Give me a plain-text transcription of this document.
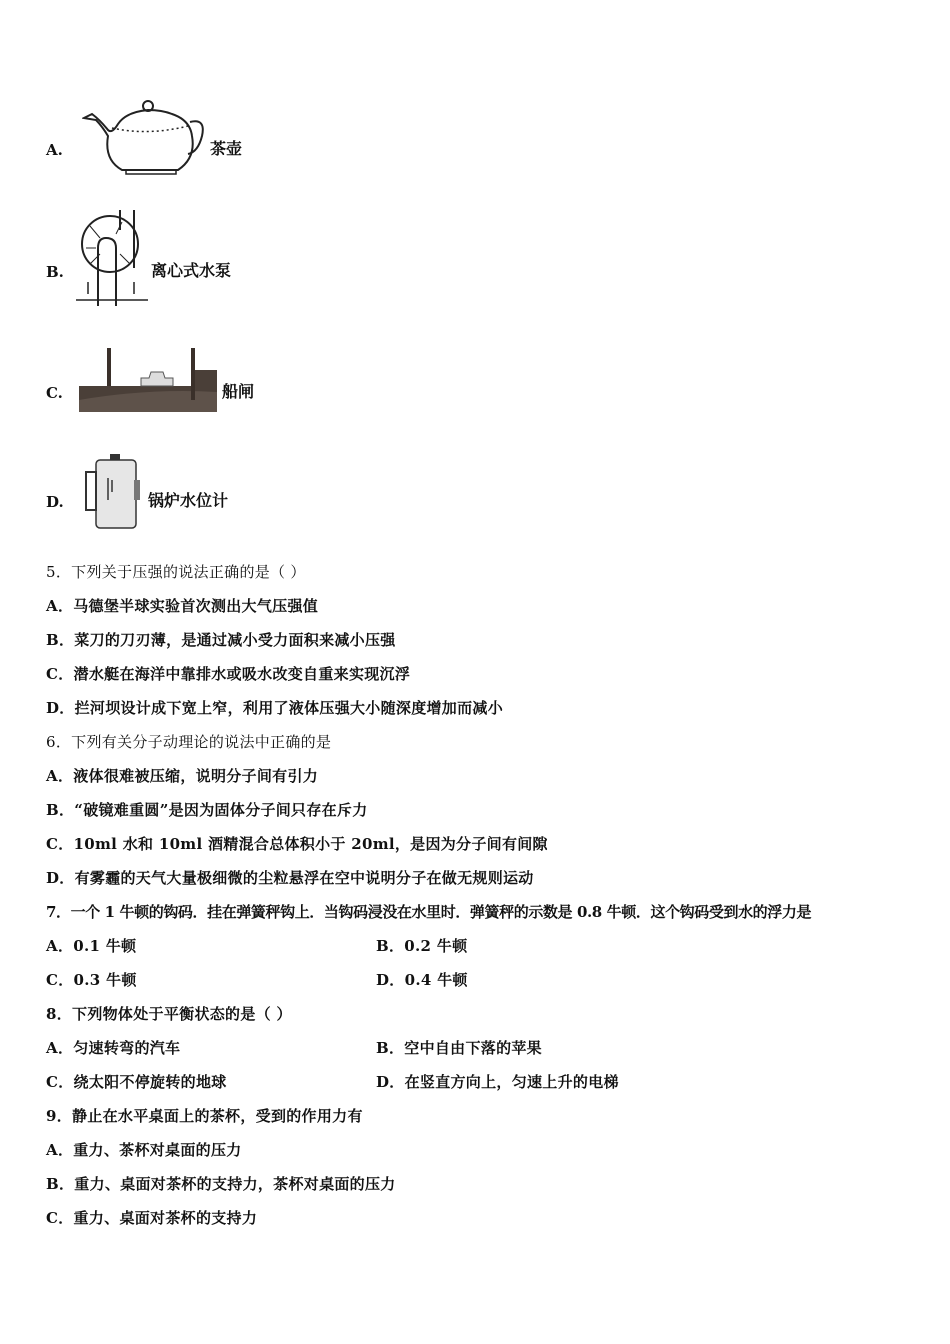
A.	茶壶
B.	离心式水泵
C.	船闸
D.	锅炉水位计
5．下列关于压强的说法正确的是（ ）
A．马德堡半球实验首次测出大气压强值
B．菜刀的刀刃薄，是通过减小受力面积来减小压强
C．潜水艇在海洋中靠排水或吸水改变自重来实现沉浮
D．拦河坝设计成下宽上窄，利用了液体压强大小随深度增加而减小
6．下列有关分子动理论的说法中正确的是
A．液体很难被压缩，说明分子间有引力
B．“破镜难重圆”是因为固体分子间只存在斥力
C．10ml 水和 10ml 酒精混合总体积小于 20ml，是因为分子间有间隙
D．有雾霾的天气大量极细微的尘粒悬浮在空中说明分子在做无规则运动
7．一个 1 牛顿的钩码．挂在弹簧秤钩上．当钩码浸没在水里时．弹簧秤的示数是 0.8 牛顿．这个钩码受到水的浮力是
A．0.1 牛顿	B．0.2 牛顿
C．0.3 牛顿	D．0.4 牛顿
8．下列物体处于平衡状态的是（ ）
A．匀速转弯的汽车	B．空中自由下落的苹果
C．绕太阳不停旋转的地球	D．在竖直方向上，匀速上升的电梯
9．静止在水平桌面上的茶杯，受到的作用力有
A．重力、茶杯对桌面的压力
B．重力、桌面对茶杯的支持力，茶杯对桌面的压力
C．重力、桌面对茶杯的支持力
